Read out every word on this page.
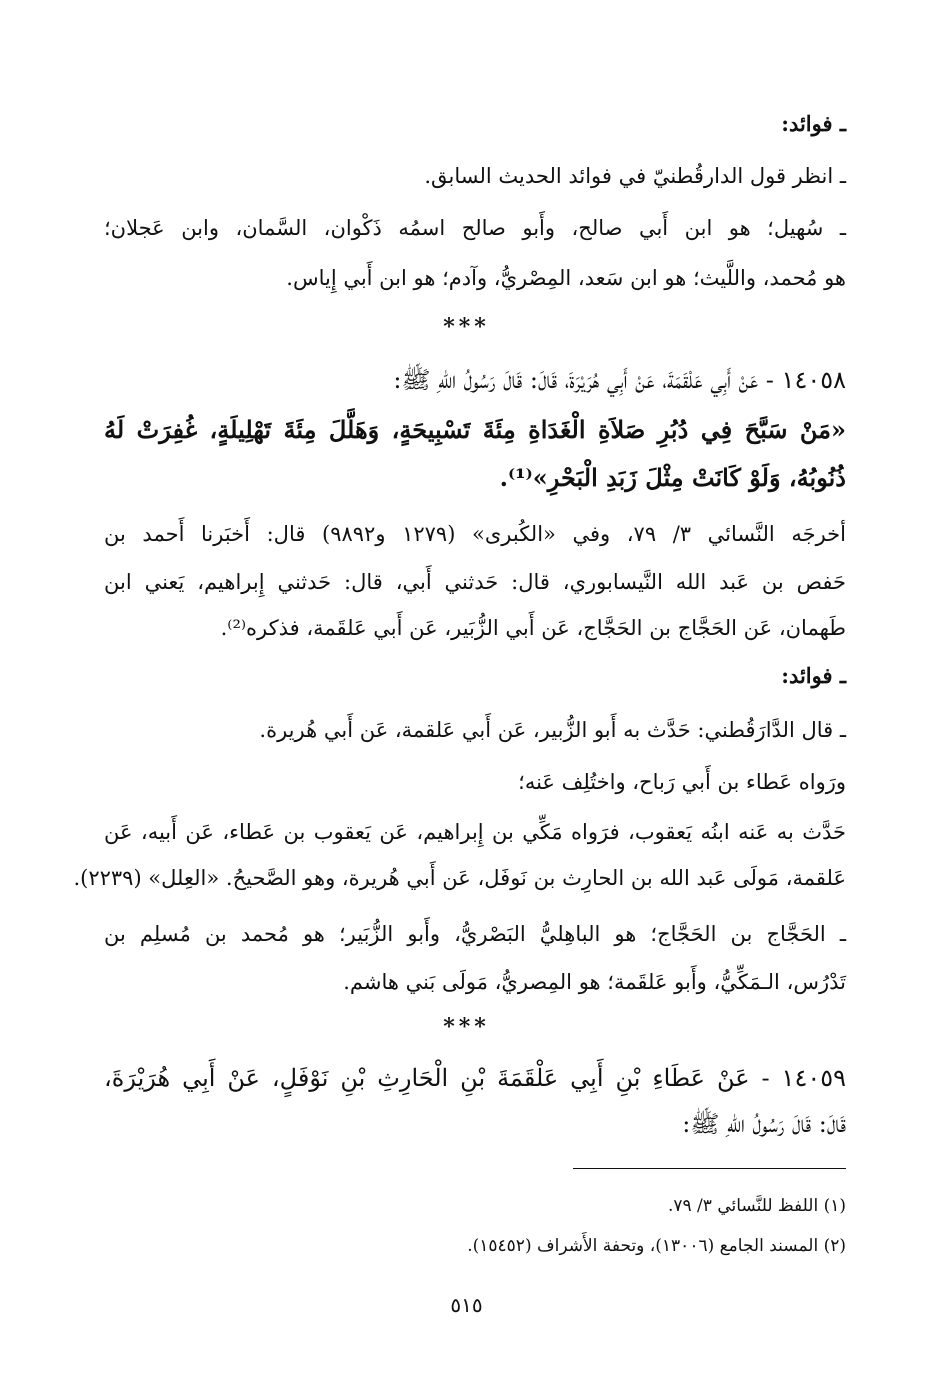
ـ فوائد:
ـ انظر قول الدارقُطنيّ في فوائد الحديث السابق.
ـ سُهيل؛ هو ابن أَبي صالح، وأَبو صالح اسمُه ذَكْوان، السَّمان، وابن عَجلان؛
هو مُحمد، واللَّيث؛ هو ابن سَعد، المِصْريُّ، وآدم؛ هو ابن أَبي إِياس.
***
١٤٠٥٨ - عَنْ أَبِي عَلْقَمَةَ، عَنْ أَبِي هُرَيْرَةَ، قَالَ: قَالَ رَسُولُ اللهِ ﷺ:
«مَنْ سَبَّحَ فِي دُبُرِ صَلاَةِ الْغَدَاةِ مِئَةَ تَسْبِيحَةٍ، وَهَلَّلَ مِئَةَ تَهْلِيلَةٍ، غُفِرَتْ لَهُ
ذُنُوبُهُ، وَلَوْ كَانَتْ مِثْلَ زَبَدِ الْبَحْرِ»⁽¹⁾.
أخرجَه النَّسائي ٣/ ٧٩، وفي «الكُبرى» (١٢٧٩ و٩٨٩٢) قال: أَخبَرنا أَحمد بن
حَفص بن عَبد الله النَّيسابوري، قال: حَدثني أَبي، قال: حَدثني إِبراهيم، يَعني ابن
طَهمان، عَن الحَجَّاج بن الحَجَّاج، عَن أَبي الزُّبَير، عَن أَبي عَلقَمة، فذكره⁽²⁾.
ـ فوائد:
ـ قال الدَّارَقُطني: حَدَّث به أَبو الزُّبير، عَن أَبي عَلقمة، عَن أَبي هُريرة.
ورَواه عَطاء بن أَبي رَباح، واختُلِف عَنه؛
حَدَّث به عَنه ابنُه يَعقوب، فرَواه مَكِّي بن إِبراهيم، عَن يَعقوب بن عَطاء، عَن أَبيه، عَن
عَلقمة، مَولَى عَبد الله بن الحارِث بن نَوفَل، عَن أَبي هُريرة، وهو الصَّحيحُ. «العِلل» (٢٢٣٩).
ـ الحَجَّاج بن الحَجَّاج؛ هو الباهِليُّ البَصْريُّ، وأَبو الزُّبَير؛ هو مُحمد بن مُسلِم بن
تَدْرُس، الـمَكِّيُّ، وأَبو عَلقَمة؛ هو المِصريُّ، مَولَى بَني هاشم.
***
١٤٠٥٩ - عَنْ عَطَاءِ بْنِ أَبِي عَلْقَمَةَ بْنِ الْحَارِثِ بْنِ نَوْفَلٍ، عَنْ أَبِي هُرَيْرَةَ،
قَالَ: قَالَ رَسُولُ اللهِ ﷺ:
(١) اللفظ للنَّسائي ٣/ ٧٩.
(٢) المسند الجامع (١٣٠٠٦)، وتحفة الأَشراف (١٥٤٥٢).
٥١٥
